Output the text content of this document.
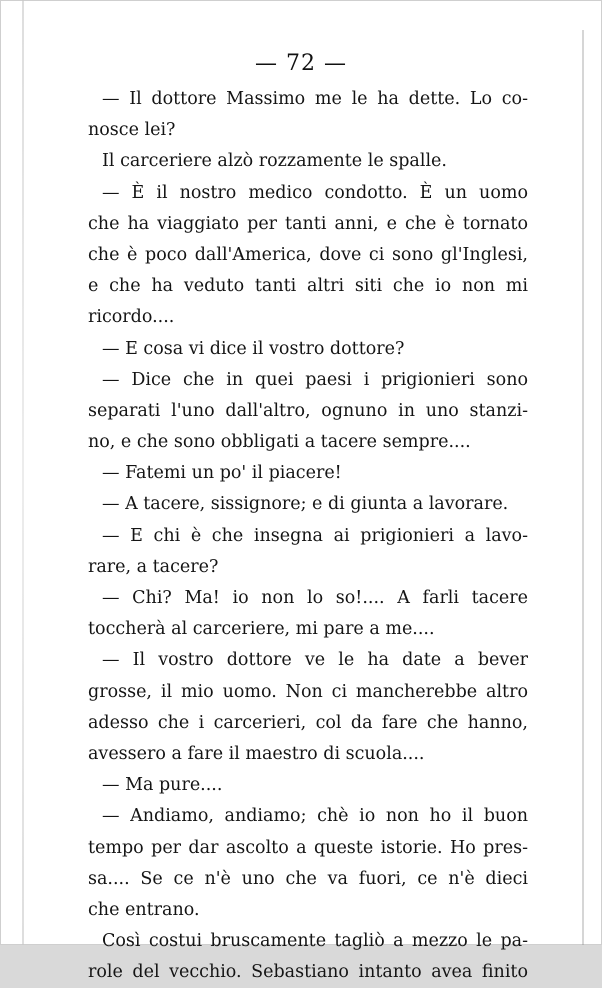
— 72 —
— Il dottore Massimo me le ha dette. Lo co-
nosce lei?
Il carceriere alzò rozzamente le spalle.
— È il nostro medico condotto. È un uomo
che ha viaggiato per tanti anni, e che è tornato
che è poco dall'America, dove ci sono gl'Inglesi,
e che ha veduto tanti altri siti che io non mi
ricordo....
— E cosa vi dice il vostro dottore?
— Dice che in quei paesi i prigionieri sono
separati l'uno dall'altro, ognuno in uno stanzi-
no, e che sono obbligati a tacere sempre....
— Fatemi un po' il piacere!
— A tacere, sissignore; e di giunta a lavorare.
— E chi è che insegna ai prigionieri a lavo-
rare, a tacere?
— Chi? Ma! io non lo so!.... A farli tacere
toccherà al carceriere, mi pare a me....
— Il vostro dottore ve le ha date a bever
grosse, il mio uomo. Non ci mancherebbe altro
adesso che i carcerieri, col da fare che hanno,
avessero a fare il maestro di scuola....
— Ma pure....
— Andiamo, andiamo; chè io non ho il buon
tempo per dar ascolto a queste istorie. Ho pres-
sa.... Se ce n'è uno che va fuori, ce n'è dieci
che entrano.
Così costui bruscamente tagliò a mezzo le pa-
role del vecchio. Sebastiano intanto avea finito
